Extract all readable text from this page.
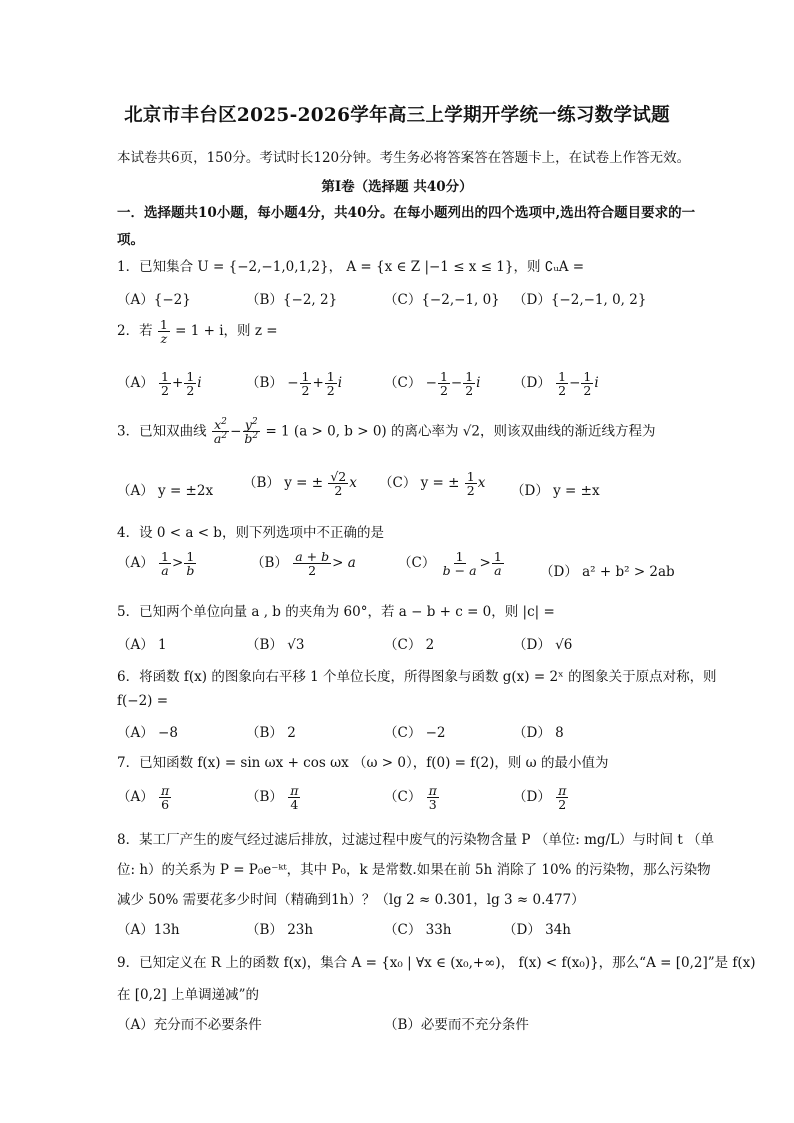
北京市丰台区2025-2026学年高三上学期开学统一练习数学试题
本试卷共6页，150分。考试时长120分钟。考生务必将答案答在答题卡上，在试卷上作答无效。
第I卷（选择题 共40分）
一．选择题共10小题，每小题4分，共40分。在每小题列出的四个选项中,选出符合题目要求的一
项。
1．已知集合 U = {−2,−1,0,1,2}， A = {x ∈ Z |−1 ≤ x ≤ 1}，则 ∁ᵤA =
（A）{−2}	（B）{−2, 2}	（C）{−2,−1, 0} （D）{−2,−1, 0, 2}
2．若 $\frac{1}{z} = 1 + i$，则 z =
$(A) \frac{1}{2} + \frac{1}{2}$ i	$(B) - \frac{1}{2} + \frac{1}{2}$ i	$(C) - \frac{1}{2} - \frac{1}{2}$ i $(D) \frac{1}{2} - \frac{1}{2}$ i
3．已知双曲线 $\frac{x^2}{a^2} - \frac{y^2}{b^2} = 1$ (a > 0, b > 0) 的离心率为 √2，则该双曲线的渐近线方程为
（A） y = ±2x （B） y = ± $\frac{√2}{2}$ x （C） y = ± $\frac{1}{2}$ x （D） y = ±x
4．设 0 < a < b，则下列选项中不正确的是
$(A) \frac{1}{a} > \frac{1}{b}$	$(B) \frac{a + b}{2} > a$	$(C) \frac{1}{b - a} > \frac{1}{a}$	（D） a² + b² > 2ab
5．已知两个单位向量 a , b 的夹角为 60°，若 a − b + c = 0，则 |c| =
（A） 1	（B） √3	（C） 2	（D） √6
6．将函数 f(x) 的图象向右平移 1 个单位长度，所得图象与函数 g(x) = 2ˣ 的图象关于原点对称，则
f(−2) =
（A） −8	（B） 2	（C） −2	（D） 8
7．已知函数 f(x) = sin ωx + cos ωx （ω > 0），f(0) = f(2)，则 ω 的最小值为
$(A) \frac{\pi}{6}$	$(B) \frac{\pi}{4}$	$(C) \frac{\pi}{3}$	$(D) \frac{\pi}{2}$
8．某工厂产生的废气经过滤后排放，过滤过程中废气的污染物含量 P （单位: mg/L）与时间 t （单
位: h）的关系为 P = P₀e⁻ᵏᵗ，其中 P₀，k 是常数.如果在前 5h 消除了 10% 的污染物，那么污染物
减少 50% 需要花多少时间（精确到1h）？（lg 2 ≈ 0.301，lg 3 ≈ 0.477）
（A）13h	（B） 23h	（C） 33h	（D） 34h
9．已知定义在 R 上的函数 f(x)，集合 A = {x₀ | ∀x ∈ (x₀,+∞)， f(x) < f(x₀)}，那么“A = [0,2]”是 f(x)
在 [0,2] 上单调递减”的
（A）充分而不必要条件	（B）必要而不充分条件
